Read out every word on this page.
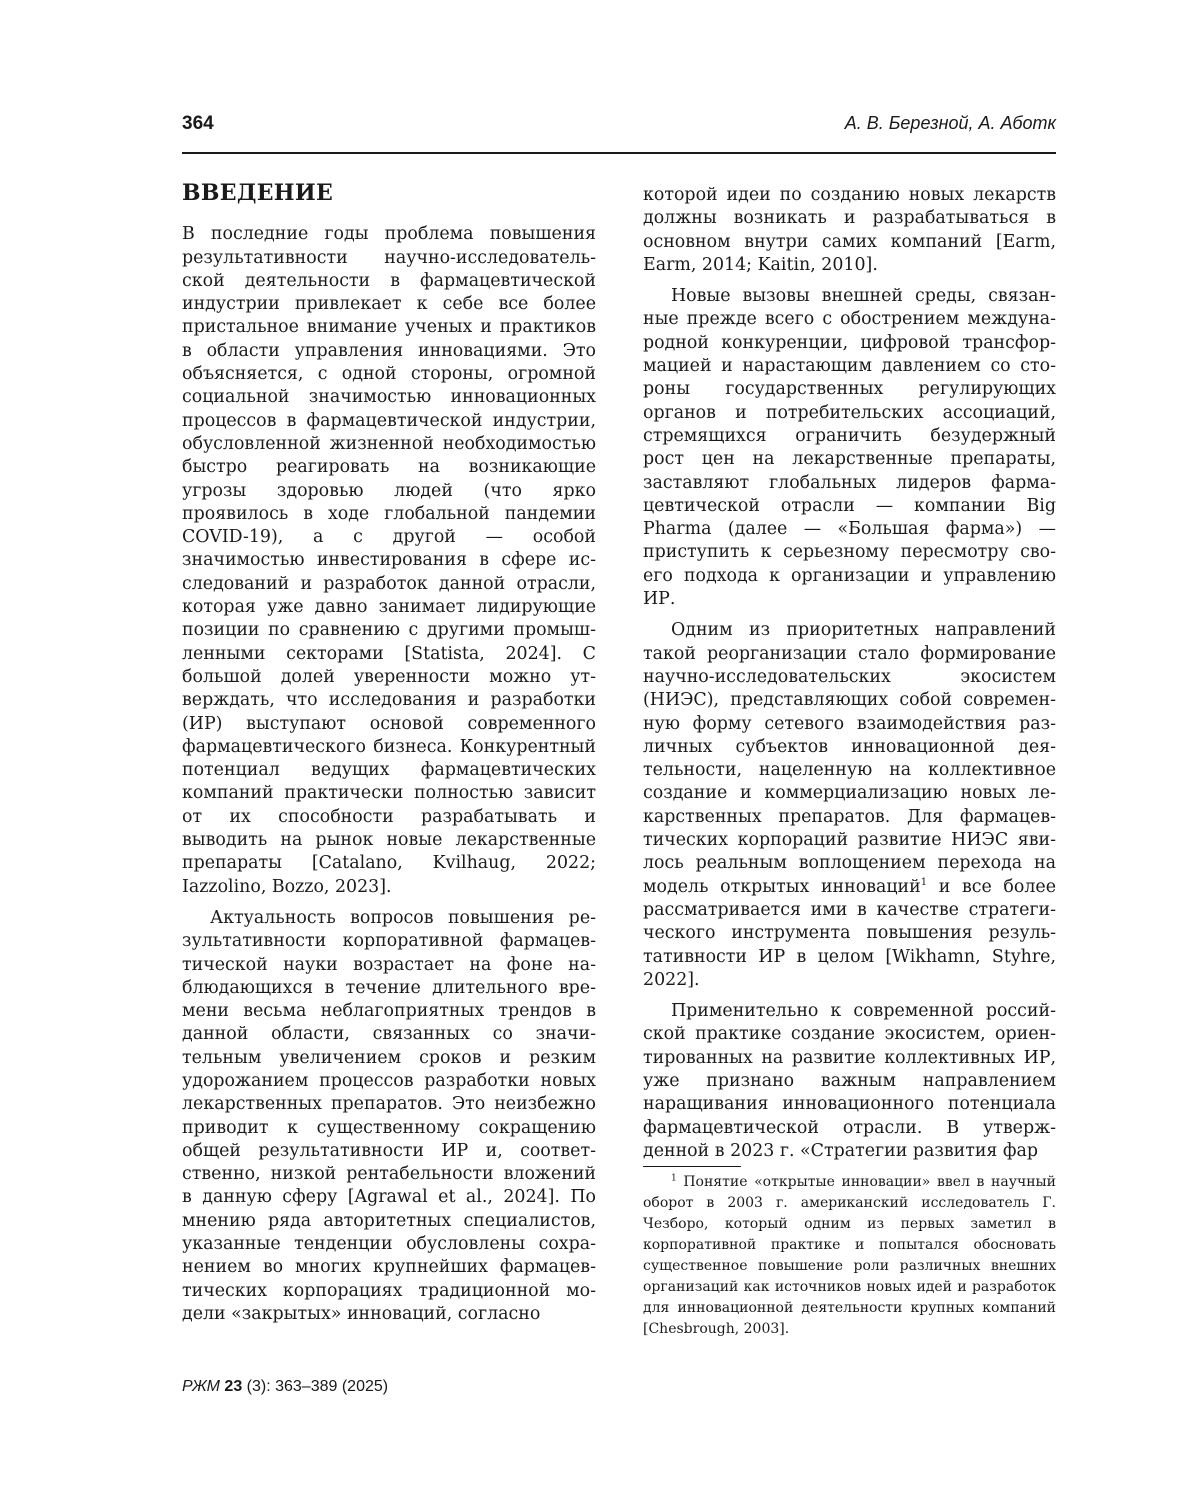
364	А. В. Березной, А. Аботк
ВВЕДЕНИЕ

В последние годы проблема повышения результативности научно-исследовательской деятельности в фармацевтической индустрии привлекает к себе все более пристальное внимание ученых и практиков в области управления инновациями. Это объясняется, с одной стороны, огромной социальной значимостью инновационных процессов в фармацевтической индустрии, обусловленной жизненной необходимостью быстро реагировать на возникающие угрозы здоровью людей (что ярко проявилось в ходе глобальной пандемии COVID-19), а с другой — особой значимостью инвестирования в сфере исследований и разработок данной отрасли, которая уже давно занимает лидирующие позиции по сравнению с другими промышленными секторами [Statista, 2024]. С большой долей уверенности можно утверждать, что исследования и разработки (ИР) выступают основой современного фармацевтического бизнеса. Конкурентный потенциал ведущих фармацевтических компаний практически полностью зависит от их способности разрабатывать и выводить на рынок новые лекарственные препараты [Catalano, Kvilhaug, 2022; Iazzolino, Bozzo, 2023].

Актуальность вопросов повышения результативности корпоративной фармацевтической науки возрастает на фоне наблюдающихся в течение длительного времени весьма неблагоприятных трендов в данной области, связанных со значительным увеличением сроков и резким удорожанием процессов разработки новых лекарственных препаратов. Это неизбежно приводит к существенному сокращению общей результативности ИР и, соответственно, низкой рентабельности вложений в данную сферу [Agrawal et al., 2024]. По мнению ряда авторитетных специалистов, указанные тенденции обусловлены сохранением во многих крупнейших фармацевтических корпорациях традиционной модели «закрытых» инноваций, согласно

которой идеи по созданию новых лекарств должны возникать и разрабатываться в основном внутри самих компаний [Earm, Earm, 2014; Kaitin, 2010].

Новые вызовы внешней среды, связанные прежде всего с обострением международной конкуренции, цифровой трансформацией и нарастающим давлением со стороны государственных регулирующих органов и потребительских ассоциаций, стремящихся ограничить безудержный рост цен на лекарственные препараты, заставляют глобальных лидеров фармацевтической отрасли — компании Big Pharma (далее — «Большая фарма») — приступить к серьезному пересмотру своего подхода к организации и управлению ИР.

Одним из приоритетных направлений такой реорганизации стало формирование научно-исследовательских экосистем (НИЭС), представляющих собой современную форму сетевого взаимодействия различных субъектов инновационной деятельности, нацеленную на коллективное создание и коммерциализацию новых лекарственных препаратов. Для фармацевтических корпораций развитие НИЭС явилось реальным воплощением перехода на модель открытых инноваций$^1$ и все более рассматривается ими в качестве стратегического инструмента повышения результативности ИР в целом [Wikhamn, Styhre, 2022].

Применительно к современной российской практике создание экосистем, ориентированных на развитие коллективных ИР, уже признано важным направлением наращивания инновационного потенциала фармацевтической отрасли. В утвержденной в 2023 г. «Стратегии развития фар

$^1$ Понятие «открытые инновации» ввел в научный оборот в 2003 г. американский исследователь Г. Чезборо, который одним из первых заметил в корпоративной практике и попытался обосновать существенное повышение роли различных внешних организаций как источников новых идей и разработок для инновационной деятельности крупных компаний [Chesbrough, 2003].
РЖМ 23 (3): 363–389 (2025)
